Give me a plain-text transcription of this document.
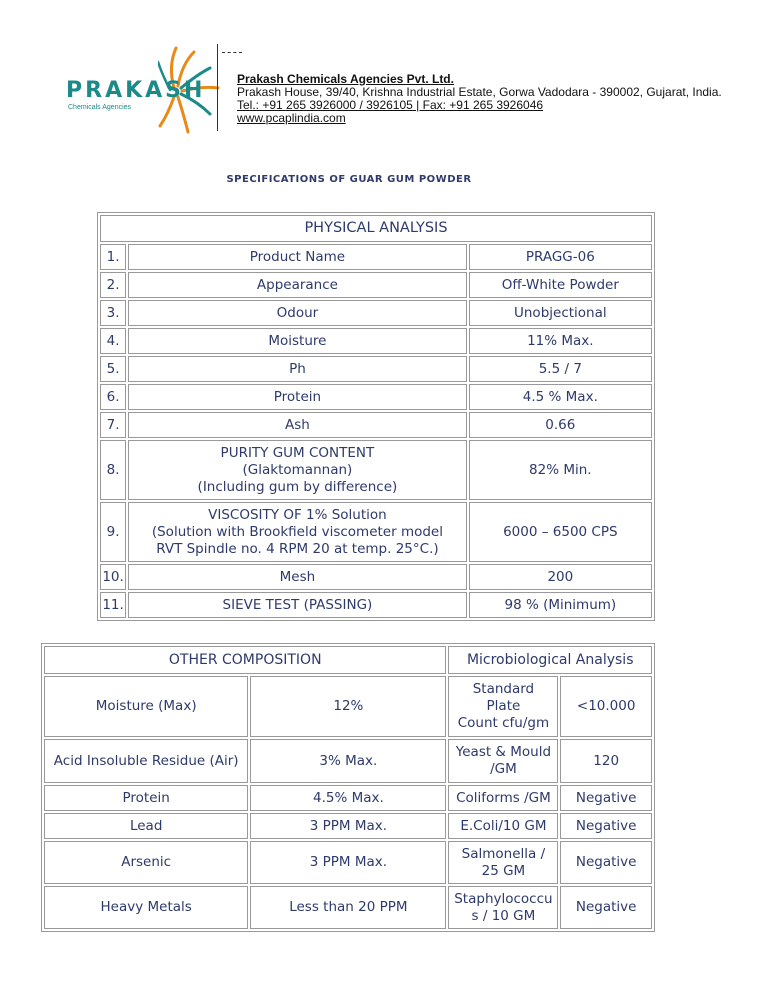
PRAKASH
Chemicals Agencies
Prakash Chemicals Agencies Pvt. Ltd.
Prakash House, 39/40, Krishna Industrial Estate, Gorwa Vadodara - 390002, Gujarat, India.
Tel.: +91 265 3926000 / 3926105 | Fax: +91 265 3926046
www.pcaplindia.com
SPECIFICATIONS OF GUAR GUM POWDER
PHYSICAL ANALYSIS		
1.	Product Name	PRAGG-06
2.	Appearance	Off-White Powder
3.	Odour	Unobjectional
4.	Moisture	11% Max.
5.	Ph	5.5 / 7
6.	Protein	4.5 % Max.
7.	Ash	0.66
8.	PURITY GUM CONTENT
(Glaktomannan)
(Including gum by difference)	82% Min.
9.	VISCOSITY OF 1% Solution
(Solution with Brookfield viscometer model
RVT Spindle no. 4 RPM 20 at temp. 25°C.)	6000 – 6500 CPS
10.	Mesh	200
11.	SIEVE TEST (PASSING)	98 % (Minimum)
OTHER COMPOSITION		Microbiological Analysis	
Moisture (Max)	12%	Standard
Plate
Count cfu/gm	<10.000
Acid Insoluble Residue (Air)	3% Max.	Yeast & Mould
/GM	120
Protein	4.5% Max.	Coliforms /GM	Negative
Lead	3 PPM Max.	E.Coli/10 GM	Negative
Arsenic	3 PPM Max.	Salmonella /
25 GM	Negative
Heavy Metals	Less than 20 PPM	Staphylococcu
s / 10 GM	Negative
